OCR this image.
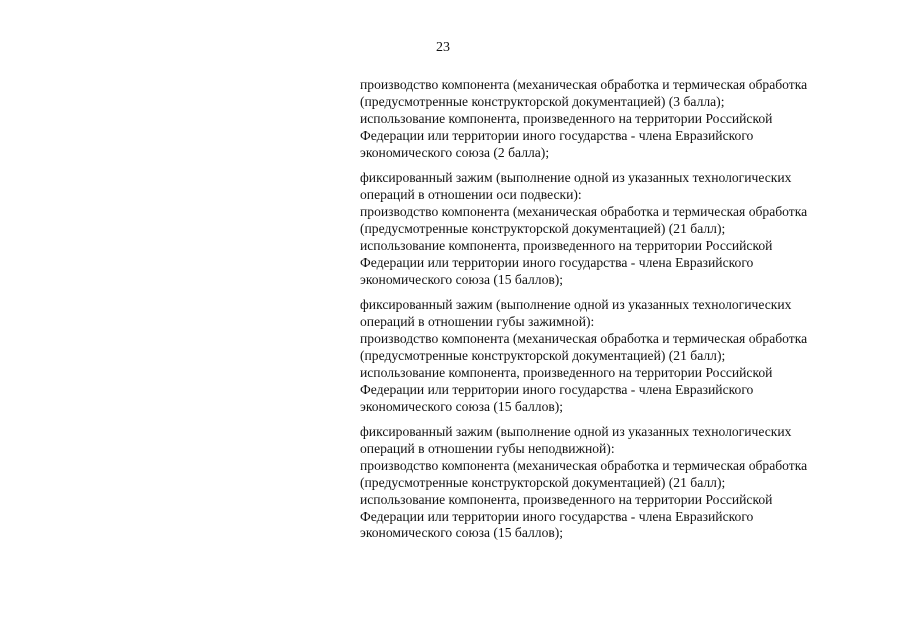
23
производство компонента (механическая обработка и термическая обработка
(предусмотренные конструкторской документацией) (3 балла);
использование компонента, произведенного на территории Российской
Федерации или территории иного государства - члена Евразийского
экономического союза (2 балла);
фиксированный зажим (выполнение одной из указанных технологических
операций в отношении оси подвески):
производство компонента (механическая обработка и термическая обработка
(предусмотренные конструкторской документацией) (21 балл);
использование компонента, произведенного на территории Российской
Федерации или территории иного государства - члена Евразийского
экономического союза (15 баллов);
фиксированный зажим (выполнение одной из указанных технологических
операций в отношении губы зажимной):
производство компонента (механическая обработка и термическая обработка
(предусмотренные конструкторской документацией) (21 балл);
использование компонента, произведенного на территории Российской
Федерации или территории иного государства - члена Евразийского
экономического союза (15 баллов);
фиксированный зажим (выполнение одной из указанных технологических
операций в отношении губы неподвижной):
производство компонента (механическая обработка и термическая обработка
(предусмотренные конструкторской документацией) (21 балл);
использование компонента, произведенного на территории Российской
Федерации или территории иного государства - члена Евразийского
экономического союза (15 баллов);
